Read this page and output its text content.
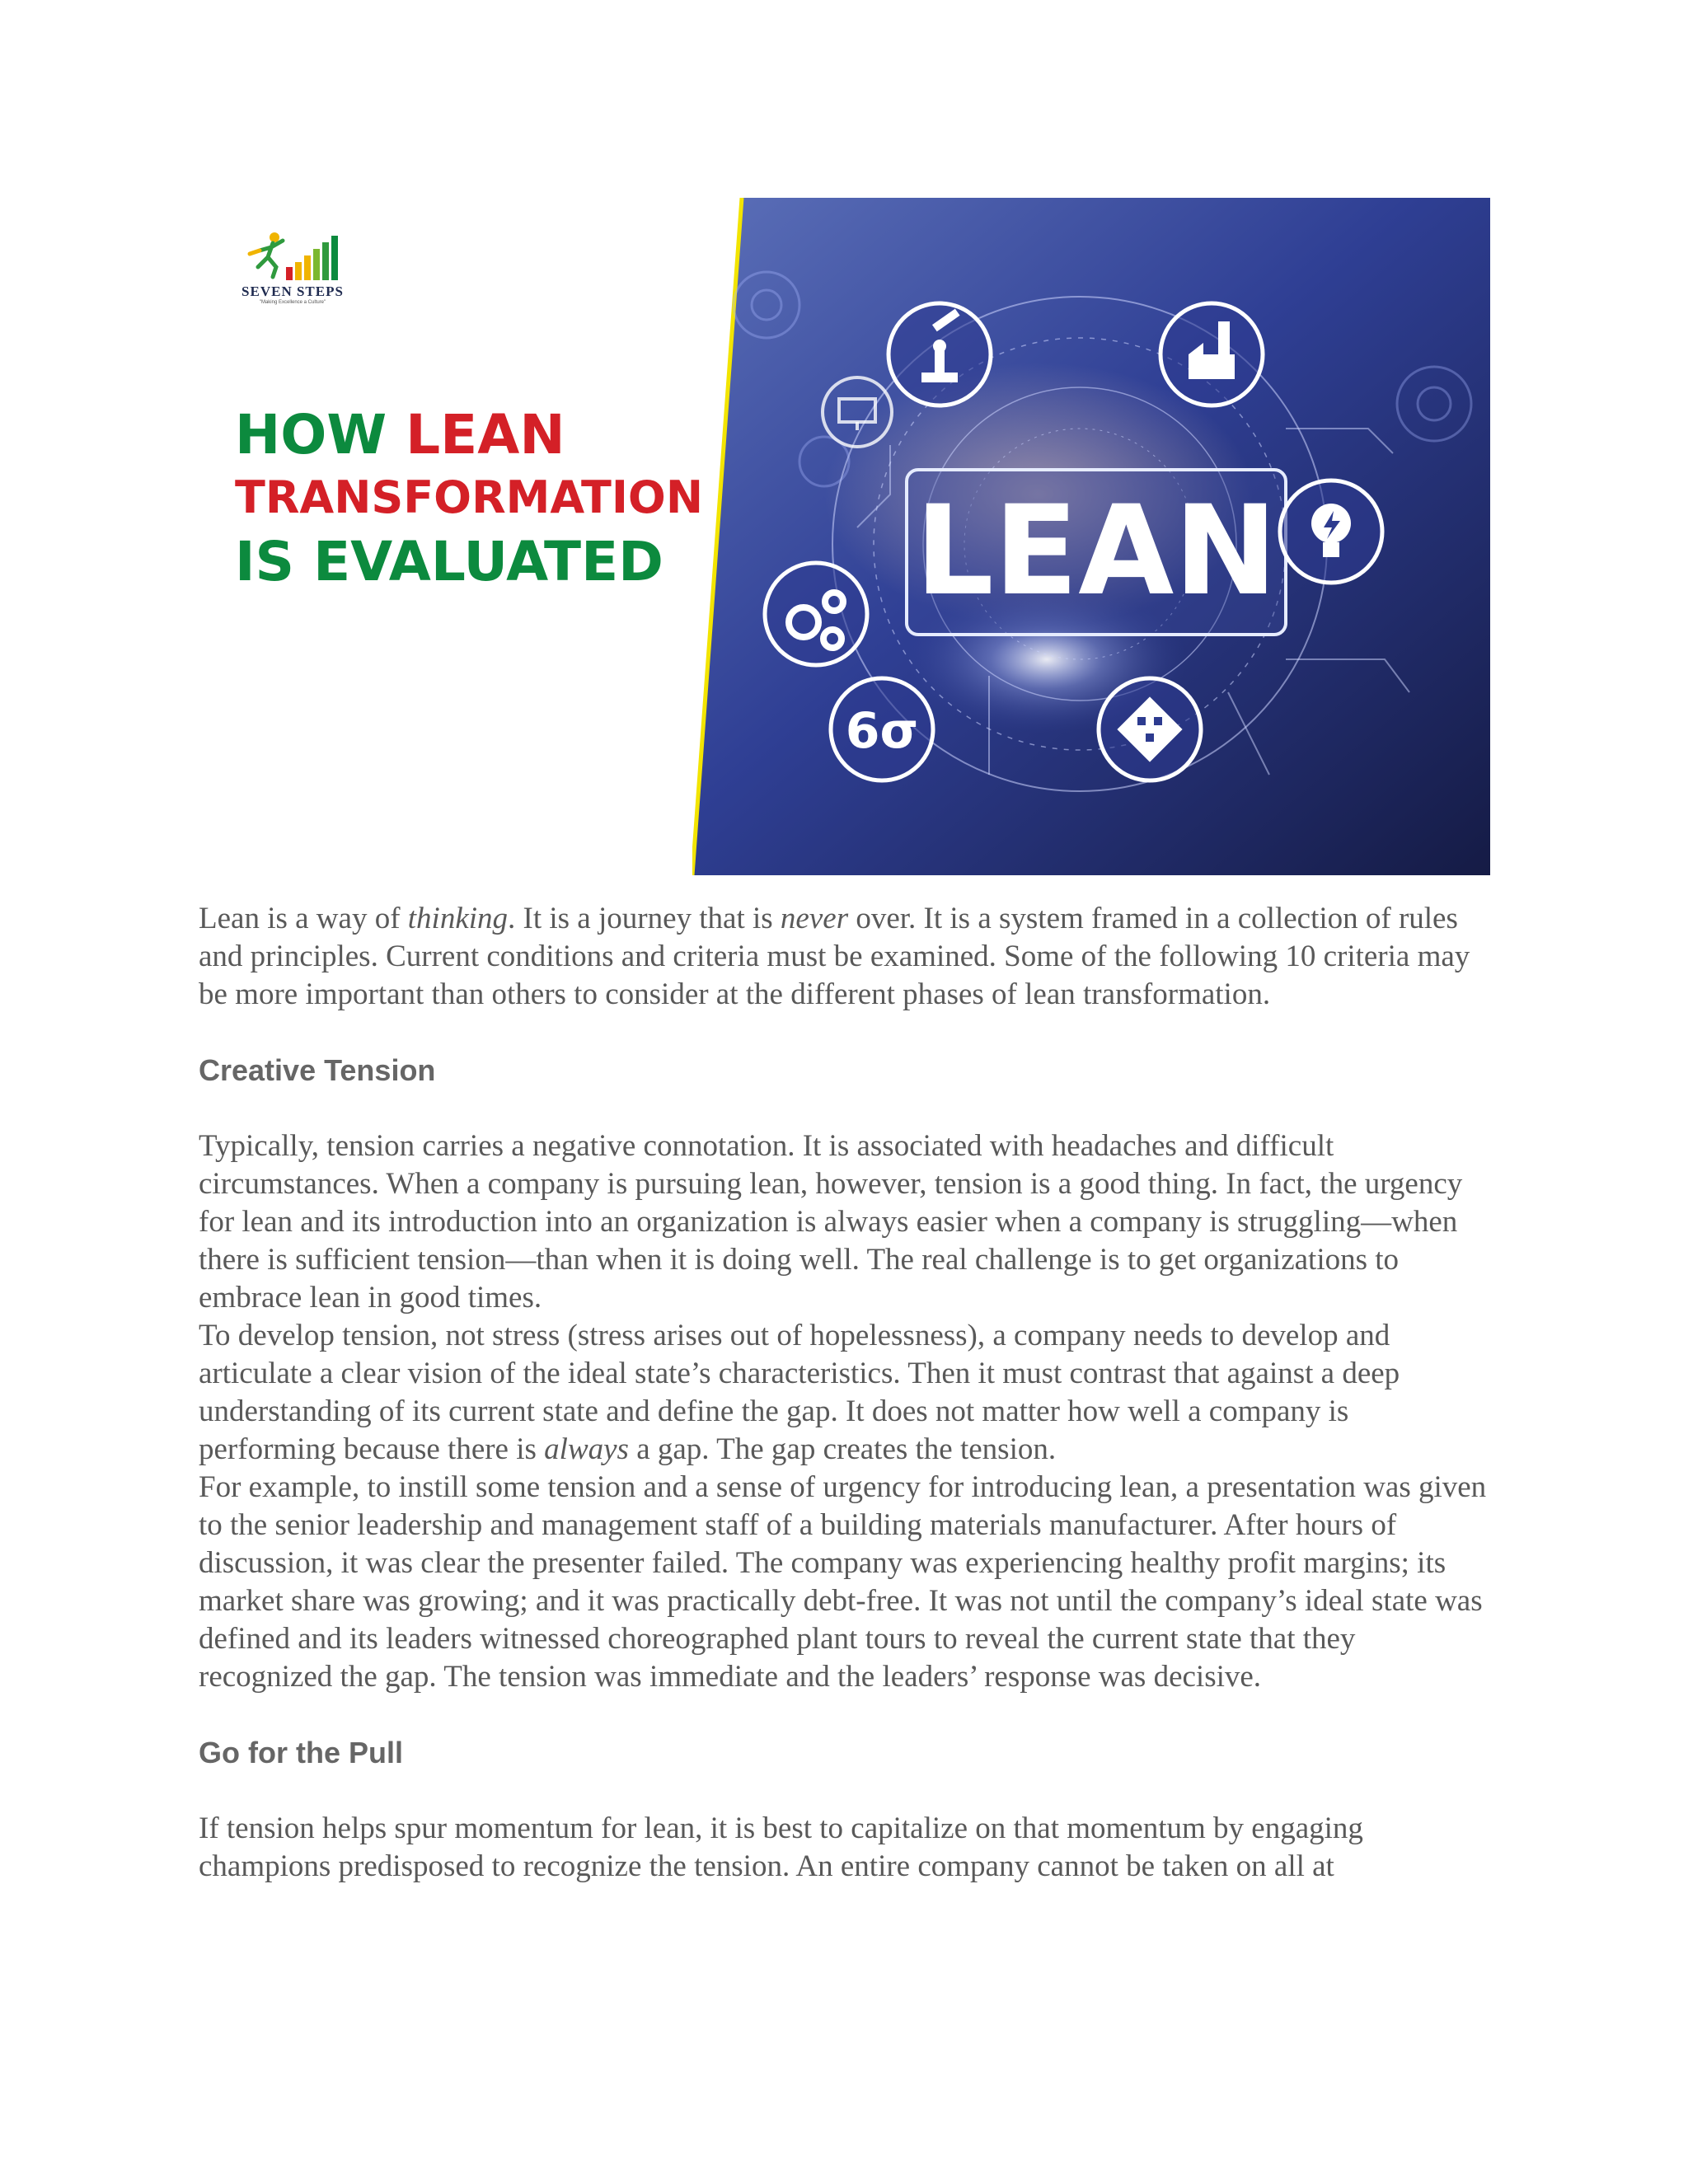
SEVEN STEPS
"Making Excellence a Culture"
HOW LEAN
TRANSFORMATION
IS EVALUATED	LEAN
6σ

Lean is a way of thinking. It is a journey that is never over. It is a system framed in a collection of rules and principles. Current conditions and criteria must be examined. Some of the following 10 criteria may be more important than others to consider at the different phases of lean transformation.

Creative Tension

Typically, tension carries a negative connotation. It is associated with headaches and difficult circumstances. When a company is pursuing lean, however, tension is a good thing. In fact, the urgency for lean and its introduction into an organization is always easier when a company is struggling—when there is sufficient tension—than when it is doing well. The real challenge is to get organizations to embrace lean in good times.

To develop tension, not stress (stress arises out of hopelessness), a company needs to develop and articulate a clear vision of the ideal state’s characteristics. Then it must contrast that against a deep understanding of its current state and define the gap. It does not matter how well a company is performing because there is always a gap. The gap creates the tension.

For example, to instill some tension and a sense of urgency for introducing lean, a presentation was given to the senior leadership and management staff of a building materials manufacturer. After hours of discussion, it was clear the presenter failed. The company was experiencing healthy profit margins; its market share was growing; and it was practically debt-free. It was not until the company’s ideal state was defined and its leaders witnessed choreographed plant tours to reveal the current state that they recognized the gap. The tension was immediate and the leaders’ response was decisive.

Go for the Pull

If tension helps spur momentum for lean, it is best to capitalize on that momentum by engaging champions predisposed to recognize the tension. An entire company cannot be taken on all at
